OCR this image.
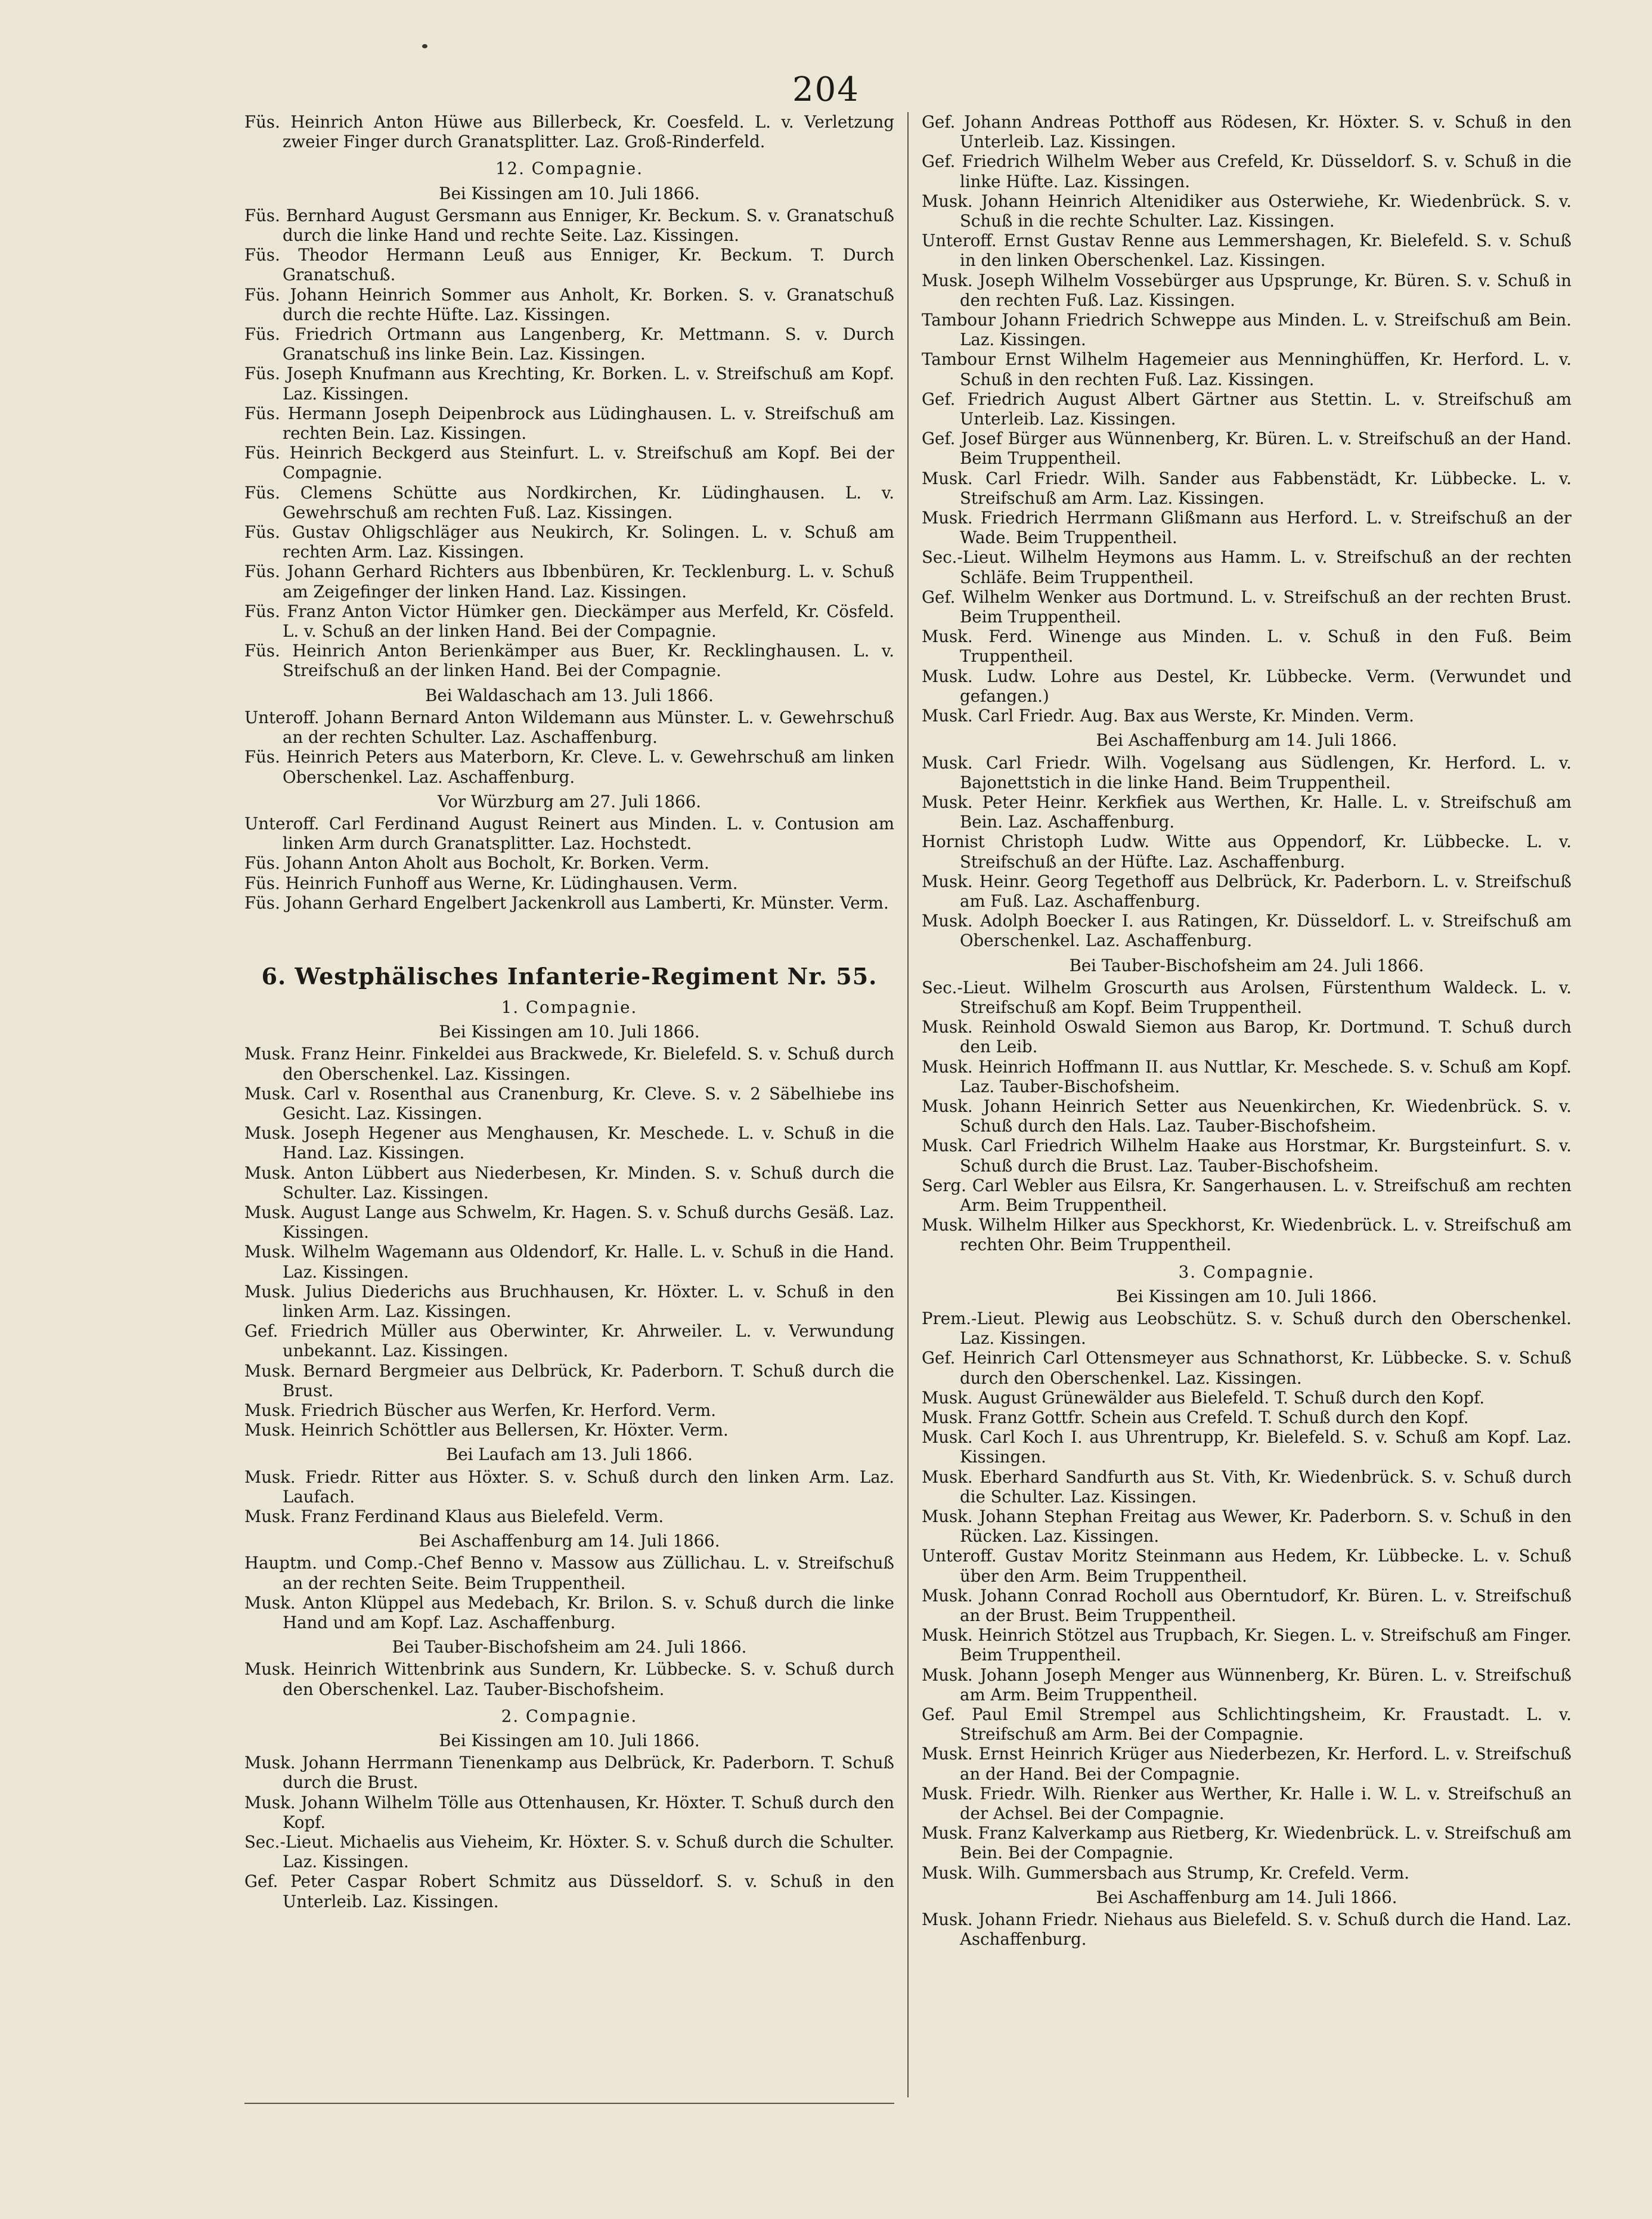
204

Füs. Heinrich Anton Hüwe aus Billerbeck, Kr. Coesfeld. L. v. Verletzung zweier Finger durch Granatsplitter. Laz. Groß-Rinderfeld.

12. Compagnie.

Bei Kissingen am 10. Juli 1866.

Füs. Bernhard August Gersmann aus Enniger, Kr. Beckum. S. v. Granatschuß durch die linke Hand und rechte Seite. Laz. Kissingen.

Füs. Theodor Hermann Leuß aus Enniger, Kr. Beckum. T. Durch Granatschuß.

Füs. Johann Heinrich Sommer aus Anholt, Kr. Borken. S. v. Granatschuß durch die rechte Hüfte. Laz. Kissingen.

Füs. Friedrich Ortmann aus Langenberg, Kr. Mettmann. S. v. Durch Granatschuß ins linke Bein. Laz. Kissingen.

Füs. Joseph Knufmann aus Krechting, Kr. Borken. L. v. Streifschuß am Kopf. Laz. Kissingen.

Füs. Hermann Joseph Deipenbrock aus Lüdinghausen. L. v. Streifschuß am rechten Bein. Laz. Kissingen.

Füs. Heinrich Beckgerd aus Steinfurt. L. v. Streifschuß am Kopf. Bei der Compagnie.

Füs. Clemens Schütte aus Nordkirchen, Kr. Lüdinghausen. L. v. Gewehrschuß am rechten Fuß. Laz. Kissingen.

Füs. Gustav Ohligschläger aus Neukirch, Kr. Solingen. L. v. Schuß am rechten Arm. Laz. Kissingen.

Füs. Johann Gerhard Richters aus Ibbenbüren, Kr. Tecklenburg. L. v. Schuß am Zeigefinger der linken Hand. Laz. Kissingen.

Füs. Franz Anton Victor Hümker gen. Dieckämper aus Merfeld, Kr. Cösfeld. L. v. Schuß an der linken Hand. Bei der Compagnie.

Füs. Heinrich Anton Berienkämper aus Buer, Kr. Recklinghausen. L. v. Streifschuß an der linken Hand. Bei der Compagnie.

Bei Waldaschach am 13. Juli 1866.

Unteroff. Johann Bernard Anton Wildemann aus Münster. L. v. Gewehrschuß an der rechten Schulter. Laz. Aschaffenburg.

Füs. Heinrich Peters aus Materborn, Kr. Cleve. L. v. Gewehrschuß am linken Oberschenkel. Laz. Aschaffenburg.

Vor Würzburg am 27. Juli 1866.

Unteroff. Carl Ferdinand August Reinert aus Minden. L. v. Contusion am linken Arm durch Granatsplitter. Laz. Hochstedt.

Füs. Johann Anton Aholt aus Bocholt, Kr. Borken. Verm.

Füs. Heinrich Funhoff aus Werne, Kr. Lüdinghausen. Verm.

Füs. Johann Gerhard Engelbert Jackenkroll aus Lamberti, Kr. Münster. Verm.

6. Westphälisches Infanterie-Regiment Nr. 55.

1. Compagnie.

Bei Kissingen am 10. Juli 1866.

Musk. Franz Heinr. Finkeldei aus Brackwede, Kr. Bielefeld. S. v. Schuß durch den Oberschenkel. Laz. Kissingen.

Musk. Carl v. Rosenthal aus Cranenburg, Kr. Cleve. S. v. 2 Säbelhiebe ins Gesicht. Laz. Kissingen.

Musk. Joseph Hegener aus Menghausen, Kr. Meschede. L. v. Schuß in die Hand. Laz. Kissingen.

Musk. Anton Lübbert aus Niederbesen, Kr. Minden. S. v. Schuß durch die Schulter. Laz. Kissingen.

Musk. August Lange aus Schwelm, Kr. Hagen. S. v. Schuß durchs Gesäß. Laz. Kissingen.

Musk. Wilhelm Wagemann aus Oldendorf, Kr. Halle. L. v. Schuß in die Hand. Laz. Kissingen.

Musk. Julius Diederichs aus Bruchhausen, Kr. Höxter. L. v. Schuß in den linken Arm. Laz. Kissingen.

Gef. Friedrich Müller aus Oberwinter, Kr. Ahrweiler. L. v. Verwundung unbekannt. Laz. Kissingen.

Musk. Bernard Bergmeier aus Delbrück, Kr. Paderborn. T. Schuß durch die Brust.

Musk. Friedrich Büscher aus Werfen, Kr. Herford. Verm.

Musk. Heinrich Schöttler aus Bellersen, Kr. Höxter. Verm.

Bei Laufach am 13. Juli 1866.

Musk. Friedr. Ritter aus Höxter. S. v. Schuß durch den linken Arm. Laz. Laufach.

Musk. Franz Ferdinand Klaus aus Bielefeld. Verm.

Bei Aschaffenburg am 14. Juli 1866.

Hauptm. und Comp.-Chef Benno v. Massow aus Züllichau. L. v. Streifschuß an der rechten Seite. Beim Truppentheil.

Musk. Anton Klüppel aus Medebach, Kr. Brilon. S. v. Schuß durch die linke Hand und am Kopf. Laz. Aschaffenburg.

Bei Tauber-Bischofsheim am 24. Juli 1866.

Musk. Heinrich Wittenbrink aus Sundern, Kr. Lübbecke. S. v. Schuß durch den Oberschenkel. Laz. Tauber-Bischofsheim.

2. Compagnie.

Bei Kissingen am 10. Juli 1866.

Musk. Johann Herrmann Tienenkamp aus Delbrück, Kr. Paderborn. T. Schuß durch die Brust.

Musk. Johann Wilhelm Tölle aus Ottenhausen, Kr. Höxter. T. Schuß durch den Kopf.

Sec.-Lieut. Michaelis aus Vieheim, Kr. Höxter. S. v. Schuß durch die Schulter. Laz. Kissingen.

Gef. Peter Caspar Robert Schmitz aus Düsseldorf. S. v. Schuß in den Unterleib. Laz. Kissingen.

Gef. Johann Andreas Potthoff aus Rödesen, Kr. Höxter. S. v. Schuß in den Unterleib. Laz. Kissingen.

Gef. Friedrich Wilhelm Weber aus Crefeld, Kr. Düsseldorf. S. v. Schuß in die linke Hüfte. Laz. Kissingen.

Musk. Johann Heinrich Altenidiker aus Osterwiehe, Kr. Wiedenbrück. S. v. Schuß in die rechte Schulter. Laz. Kissingen.

Unteroff. Ernst Gustav Renne aus Lemmershagen, Kr. Bielefeld. S. v. Schuß in den linken Oberschenkel. Laz. Kissingen.

Musk. Joseph Wilhelm Vossebürger aus Upsprunge, Kr. Büren. S. v. Schuß in den rechten Fuß. Laz. Kissingen.

Tambour Johann Friedrich Schweppe aus Minden. L. v. Streifschuß am Bein. Laz. Kissingen.

Tambour Ernst Wilhelm Hagemeier aus Menninghüffen, Kr. Herford. L. v. Schuß in den rechten Fuß. Laz. Kissingen.

Gef. Friedrich August Albert Gärtner aus Stettin. L. v. Streifschuß am Unterleib. Laz. Kissingen.

Gef. Josef Bürger aus Wünnenberg, Kr. Büren. L. v. Streifschuß an der Hand. Beim Truppentheil.

Musk. Carl Friedr. Wilh. Sander aus Fabbenstädt, Kr. Lübbecke. L. v. Streifschuß am Arm. Laz. Kissingen.

Musk. Friedrich Herrmann Glißmann aus Herford. L. v. Streifschuß an der Wade. Beim Truppentheil.

Sec.-Lieut. Wilhelm Heymons aus Hamm. L. v. Streifschuß an der rechten Schläfe. Beim Truppentheil.

Gef. Wilhelm Wenker aus Dortmund. L. v. Streifschuß an der rechten Brust. Beim Truppentheil.

Musk. Ferd. Winenge aus Minden. L. v. Schuß in den Fuß. Beim Truppentheil.

Musk. Ludw. Lohre aus Destel, Kr. Lübbecke. Verm. (Verwundet und gefangen.)

Musk. Carl Friedr. Aug. Bax aus Werste, Kr. Minden. Verm.

Bei Aschaffenburg am 14. Juli 1866.

Musk. Carl Friedr. Wilh. Vogelsang aus Südlengen, Kr. Herford. L. v. Bajonettstich in die linke Hand. Beim Truppentheil.

Musk. Peter Heinr. Kerkfiek aus Werthen, Kr. Halle. L. v. Streifschuß am Bein. Laz. Aschaffenburg.

Hornist Christoph Ludw. Witte aus Oppendorf, Kr. Lübbecke. L. v. Streifschuß an der Hüfte. Laz. Aschaffenburg.

Musk. Heinr. Georg Tegethoff aus Delbrück, Kr. Paderborn. L. v. Streifschuß am Fuß. Laz. Aschaffenburg.

Musk. Adolph Boecker I. aus Ratingen, Kr. Düsseldorf. L. v. Streifschuß am Oberschenkel. Laz. Aschaffenburg.

Bei Tauber-Bischofsheim am 24. Juli 1866.

Sec.-Lieut. Wilhelm Groscurth aus Arolsen, Fürstenthum Waldeck. L. v. Streifschuß am Kopf. Beim Truppentheil.

Musk. Reinhold Oswald Siemon aus Barop, Kr. Dortmund. T. Schuß durch den Leib.

Musk. Heinrich Hoffmann II. aus Nuttlar, Kr. Meschede. S. v. Schuß am Kopf. Laz. Tauber-Bischofsheim.

Musk. Johann Heinrich Setter aus Neuenkirchen, Kr. Wiedenbrück. S. v. Schuß durch den Hals. Laz. Tauber-Bischofsheim.

Musk. Carl Friedrich Wilhelm Haake aus Horstmar, Kr. Burgsteinfurt. S. v. Schuß durch die Brust. Laz. Tauber-Bischofsheim.

Serg. Carl Webler aus Eilsra, Kr. Sangerhausen. L. v. Streifschuß am rechten Arm. Beim Truppentheil.

Musk. Wilhelm Hilker aus Speckhorst, Kr. Wiedenbrück. L. v. Streifschuß am rechten Ohr. Beim Truppentheil.

3. Compagnie.

Bei Kissingen am 10. Juli 1866.

Prem.-Lieut. Plewig aus Leobschütz. S. v. Schuß durch den Oberschenkel. Laz. Kissingen.

Gef. Heinrich Carl Ottensmeyer aus Schnathorst, Kr. Lübbecke. S. v. Schuß durch den Oberschenkel. Laz. Kissingen.

Musk. August Grünewälder aus Bielefeld. T. Schuß durch den Kopf.

Musk. Franz Gottfr. Schein aus Crefeld. T. Schuß durch den Kopf.

Musk. Carl Koch I. aus Uhrentrupp, Kr. Bielefeld. S. v. Schuß am Kopf. Laz. Kissingen.

Musk. Eberhard Sandfurth aus St. Vith, Kr. Wiedenbrück. S. v. Schuß durch die Schulter. Laz. Kissingen.

Musk. Johann Stephan Freitag aus Wewer, Kr. Paderborn. S. v. Schuß in den Rücken. Laz. Kissingen.

Unteroff. Gustav Moritz Steinmann aus Hedem, Kr. Lübbecke. L. v. Schuß über den Arm. Beim Truppentheil.

Musk. Johann Conrad Rocholl aus Oberntudorf, Kr. Büren. L. v. Streifschuß an der Brust. Beim Truppentheil.

Musk. Heinrich Stötzel aus Trupbach, Kr. Siegen. L. v. Streifschuß am Finger. Beim Truppentheil.

Musk. Johann Joseph Menger aus Wünnenberg, Kr. Büren. L. v. Streifschuß am Arm. Beim Truppentheil.

Gef. Paul Emil Strempel aus Schlichtingsheim, Kr. Fraustadt. L. v. Streifschuß am Arm. Bei der Compagnie.

Musk. Ernst Heinrich Krüger aus Niederbezen, Kr. Herford. L. v. Streifschuß an der Hand. Bei der Compagnie.

Musk. Friedr. Wilh. Rienker aus Werther, Kr. Halle i. W. L. v. Streifschuß an der Achsel. Bei der Compagnie.

Musk. Franz Kalverkamp aus Rietberg, Kr. Wiedenbrück. L. v. Streifschuß am Bein. Bei der Compagnie.

Musk. Wilh. Gummersbach aus Strump, Kr. Crefeld. Verm.

Bei Aschaffenburg am 14. Juli 1866.

Musk. Johann Friedr. Niehaus aus Bielefeld. S. v. Schuß durch die Hand. Laz. Aschaffenburg.
